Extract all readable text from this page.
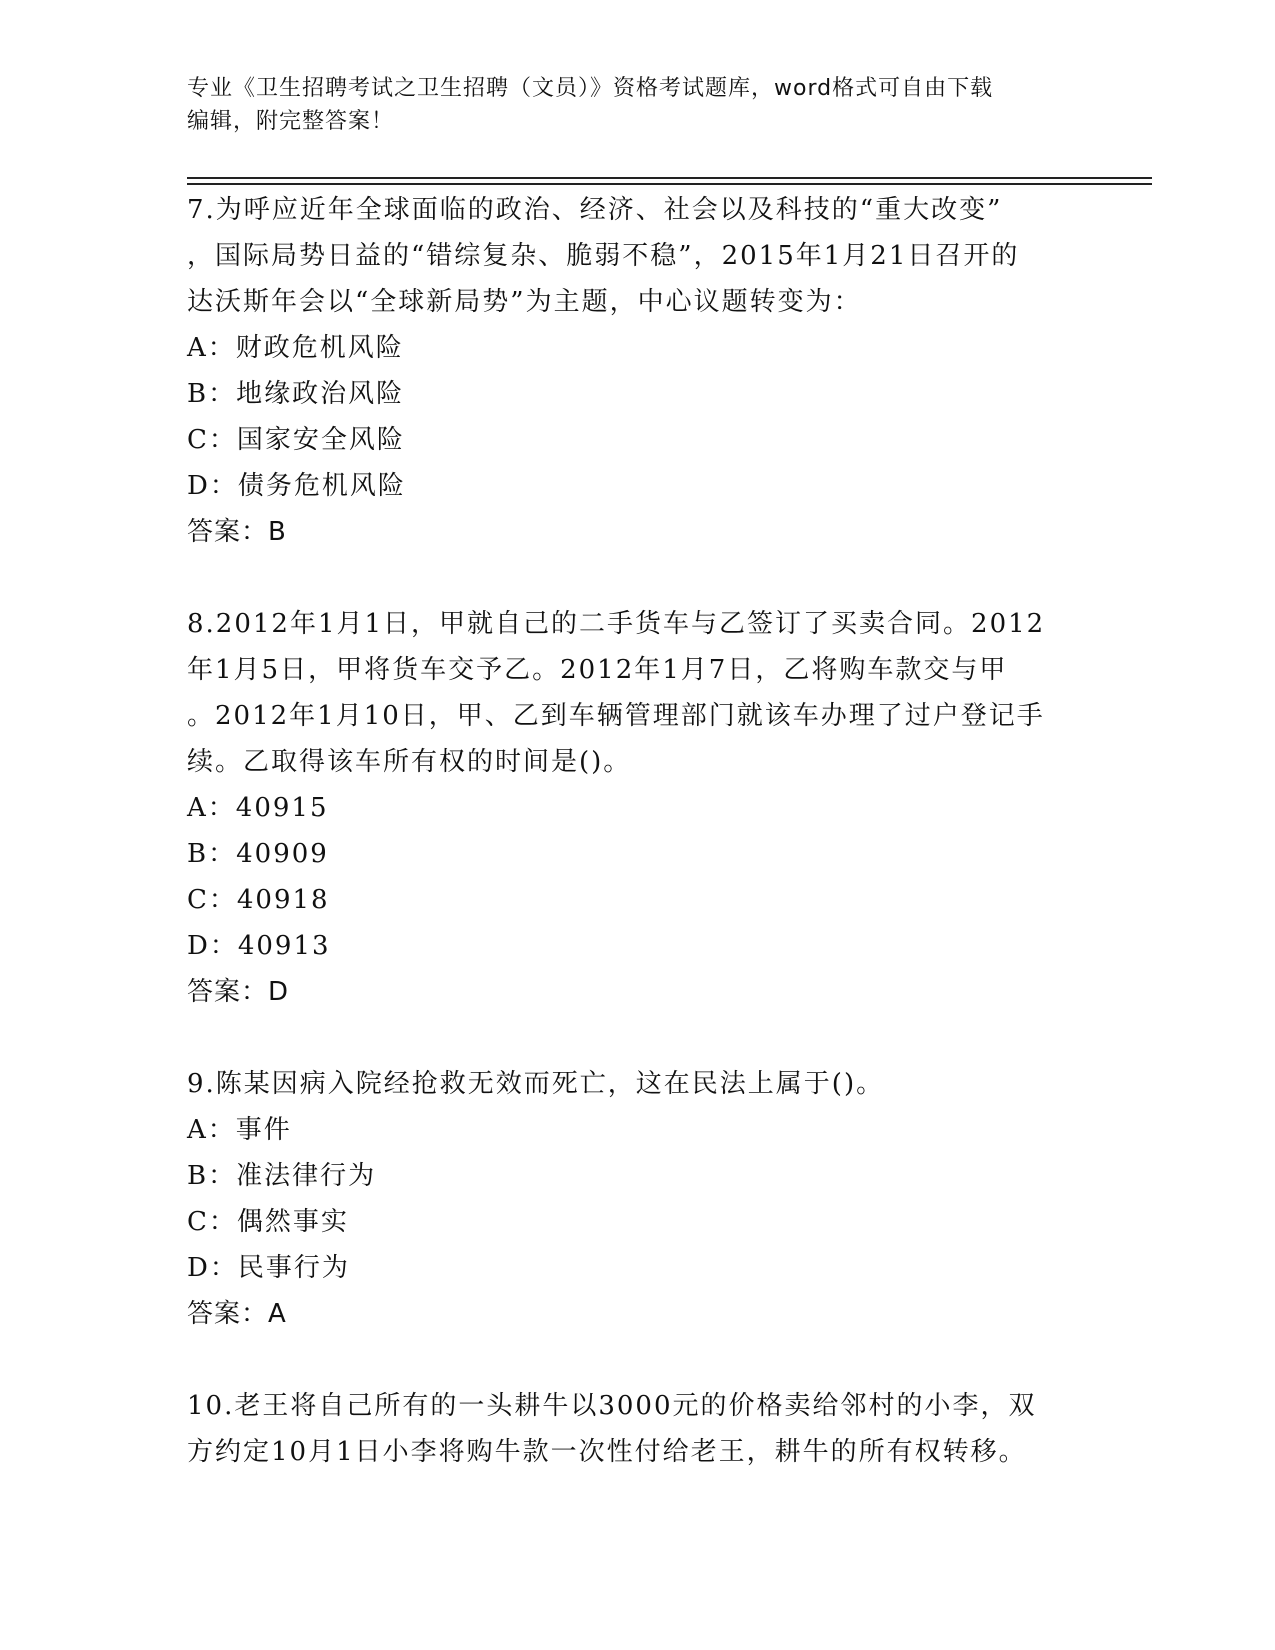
专业《卫生招聘考试之卫生招聘（文员）》资格考试题库，word格式可自由下载
编辑，附完整答案！
7.为呼应近年全球面临的政治、经济、社会以及科技的“重大改变”
，国际局势日益的“错综复杂、脆弱不稳”，2015年1月21日召开的
达沃斯年会以“全球新局势”为主题，中心议题转变为：
A：财政危机风险
B：地缘政治风险
C：国家安全风险
D：债务危机风险
答案：B
8.2012年1月1日，甲就自己的二手货车与乙签订了买卖合同。2012
年1月5日，甲将货车交予乙。2012年1月7日，乙将购车款交与甲
。2012年1月10日，甲、乙到车辆管理部门就该车办理了过户登记手
续。乙取得该车所有权的时间是()。
A：40915
B：40909
C：40918
D：40913
答案：D
9.陈某因病入院经抢救无效而死亡，这在民法上属于()。
A：事件
B：准法律行为
C：偶然事实
D：民事行为
答案：A
10.老王将自己所有的一头耕牛以3000元的价格卖给邻村的小李，双
方约定10月1日小李将购牛款一次性付给老王，耕牛的所有权转移。
